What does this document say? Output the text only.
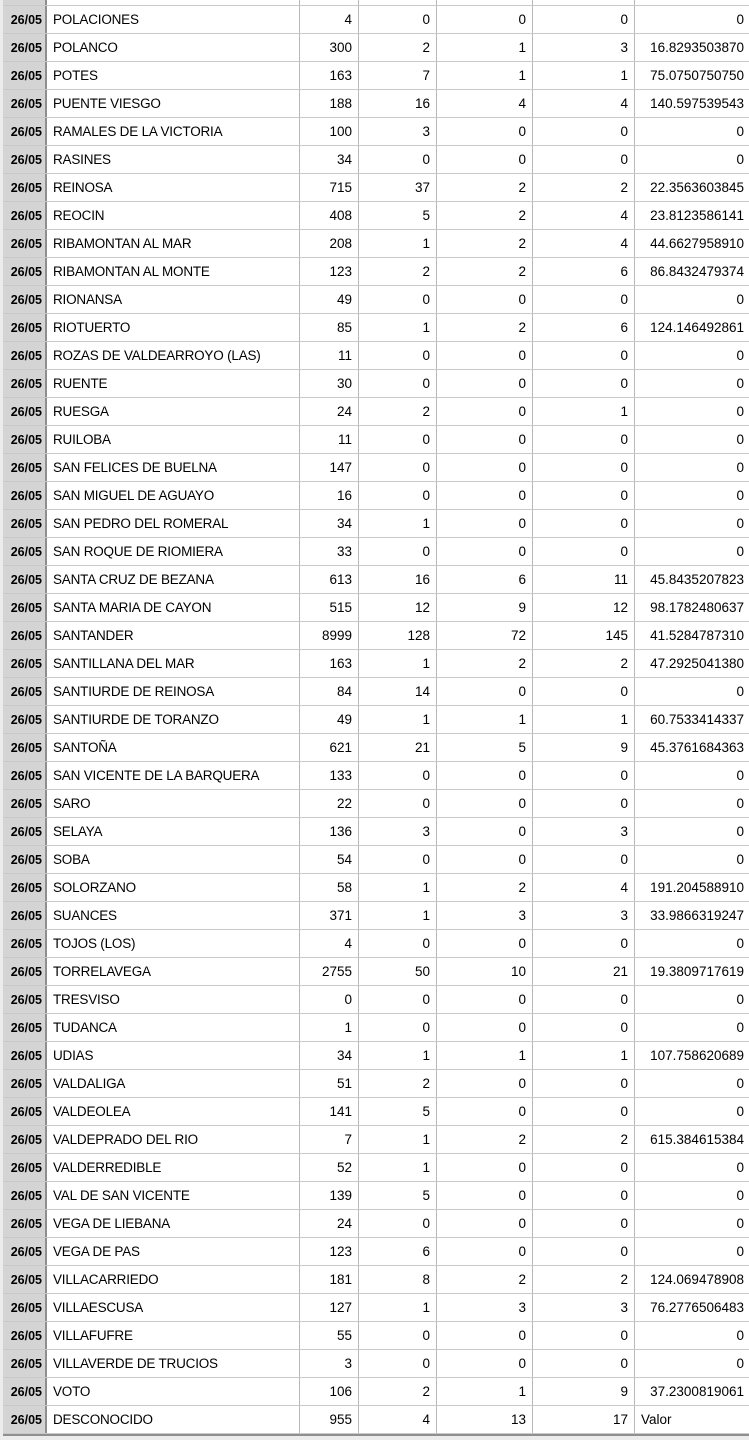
26/05 POLACIONES	4	0	0	0	0
26/05 POLANCO	300	2	1	3	16.8293503870
26/05 POTES	163	7	1	1	75.0750750750
26/05 PUENTE VIESGO	188	16	4	4	140.597539543
26/05 RAMALES DE LA VICTORIA	100	3	0	0	0
26/05 RASINES	34	0	0	0	0
26/05 REINOSA	715	37	2	2	22.3563603845
26/05 REOCIN	408	5	2	4	23.8123586141
26/05 RIBAMONTAN AL MAR	208	1	2	4	44.6627958910
26/05 RIBAMONTAN AL MONTE	123	2	2	6	86.8432479374
26/05 RIONANSA	49	0	0	0	0
26/05 RIOTUERTO	85	1	2	6	124.146492861
26/05 ROZAS DE VALDEARROYO (LAS)	11	0	0	0	0
26/05 RUENTE	30	0	0	0	0
26/05 RUESGA	24	2	0	1	0
26/05 RUILOBA	11	0	0	0	0
26/05 SAN FELICES DE BUELNA	147	0	0	0	0
26/05 SAN MIGUEL DE AGUAYO	16	0	0	0	0
26/05 SAN PEDRO DEL ROMERAL	34	1	0	0	0
26/05 SAN ROQUE DE RIOMIERA	33	0	0	0	0
26/05 SANTA CRUZ DE BEZANA	613	16	6	11	45.8435207823
26/05 SANTA MARIA DE CAYON	515	12	9	12	98.1782480637
26/05 SANTANDER	8999	128	72	145	41.5284787310
26/05 SANTILLANA DEL MAR	163	1	2	2	47.2925041380
26/05 SANTIURDE DE REINOSA	84	14	0	0	0
26/05 SANTIURDE DE TORANZO	49	1	1	1	60.7533414337
26/05 SANTOÑA	621	21	5	9	45.3761684363
26/05 SAN VICENTE DE LA BARQUERA	133	0	0	0	0
26/05 SARO	22	0	0	0	0
26/05 SELAYA	136	3	0	3	0
26/05 SOBA	54	0	0	0	0
26/05 SOLORZANO	58	1	2	4	191.204588910
26/05 SUANCES	371	1	3	3	33.9866319247
26/05 TOJOS (LOS)	4	0	0	0	0
26/05 TORRELAVEGA	2755	50	10	21	19.3809717619
26/05 TRESVISO	0	0	0	0	0
26/05 TUDANCA	1	0	0	0	0
26/05 UDIAS	34	1	1	1	107.758620689
26/05 VALDALIGA	51	2	0	0	0
26/05 VALDEOLEA	141	5	0	0	0
26/05 VALDEPRADO DEL RIO	7	1	2	2	615.384615384
26/05 VALDERREDIBLE	52	1	0	0	0
26/05 VAL DE SAN VICENTE	139	5	0	0	0
26/05 VEGA DE LIEBANA	24	0	0	0	0
26/05 VEGA DE PAS	123	6	0	0	0
26/05 VILLACARRIEDO	181	8	2	2	124.069478908
26/05 VILLAESCUSA	127	1	3	3	76.2776506483
26/05 VILLAFUFRE	55	0	0	0	0
26/05 VILLAVERDE DE TRUCIOS	3	0	0	0	0
26/05 VOTO	106	2	1	9	37.2300819061
26/05 DESCONOCIDO	955	4	13	17 Valor
